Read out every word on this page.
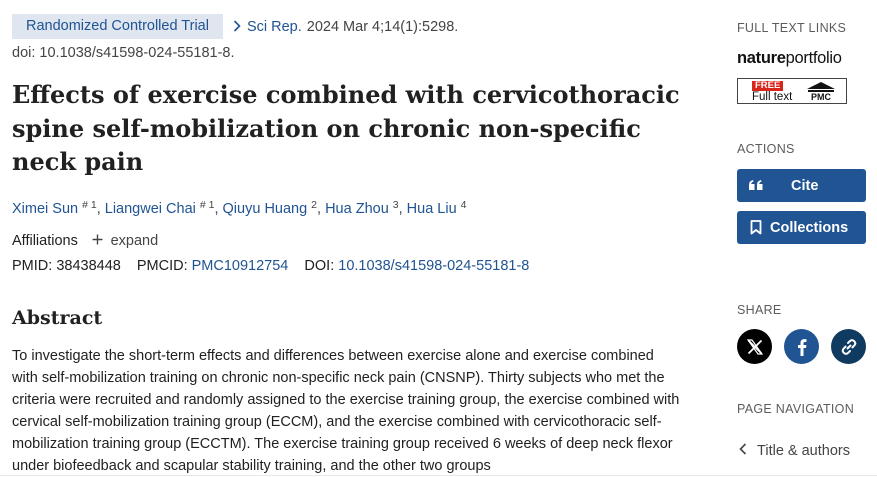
Randomized Controlled Trial	Sci Rep. 2024 Mar 4;14(1):5298.
doi: 10.1038/s41598-024-55181-8.
Effects of exercise combined with cervicothoracic spine self-mobilization on chronic non-specific neck pain
Ximei Sun $^{\# 1}$, Liangwei Chai $^{\# 1}$, Qiuyu Huang $^2$, Hua Zhou $^3$, Hua Liu $^4$
Affiliations expand
PMID: 38438448 PMCID: PMC10912754 DOI: 10.1038/s41598-024-55181-8
Abstract

To investigate the short-term effects and differences between exercise alone and exercise combined with self-mobilization training on chronic non-specific neck pain (CNSNP). Thirty subjects who met the criteria were recruited and randomly assigned to the exercise training group, the exercise combined with cervical self-mobilization training group (ECCM), and the exercise combined with cervicothoracic self-mobilization training group (ECCTM). The exercise training group received 6 weeks of deep neck flexor under biofeedback and scapular stability training, and the other two groups

FULL TEXT LINKS
natureportfolio
FREE
Full text PMC
ACTIONS
Cite
Collections
SHARE
PAGE NAVIGATION
Title & authors
